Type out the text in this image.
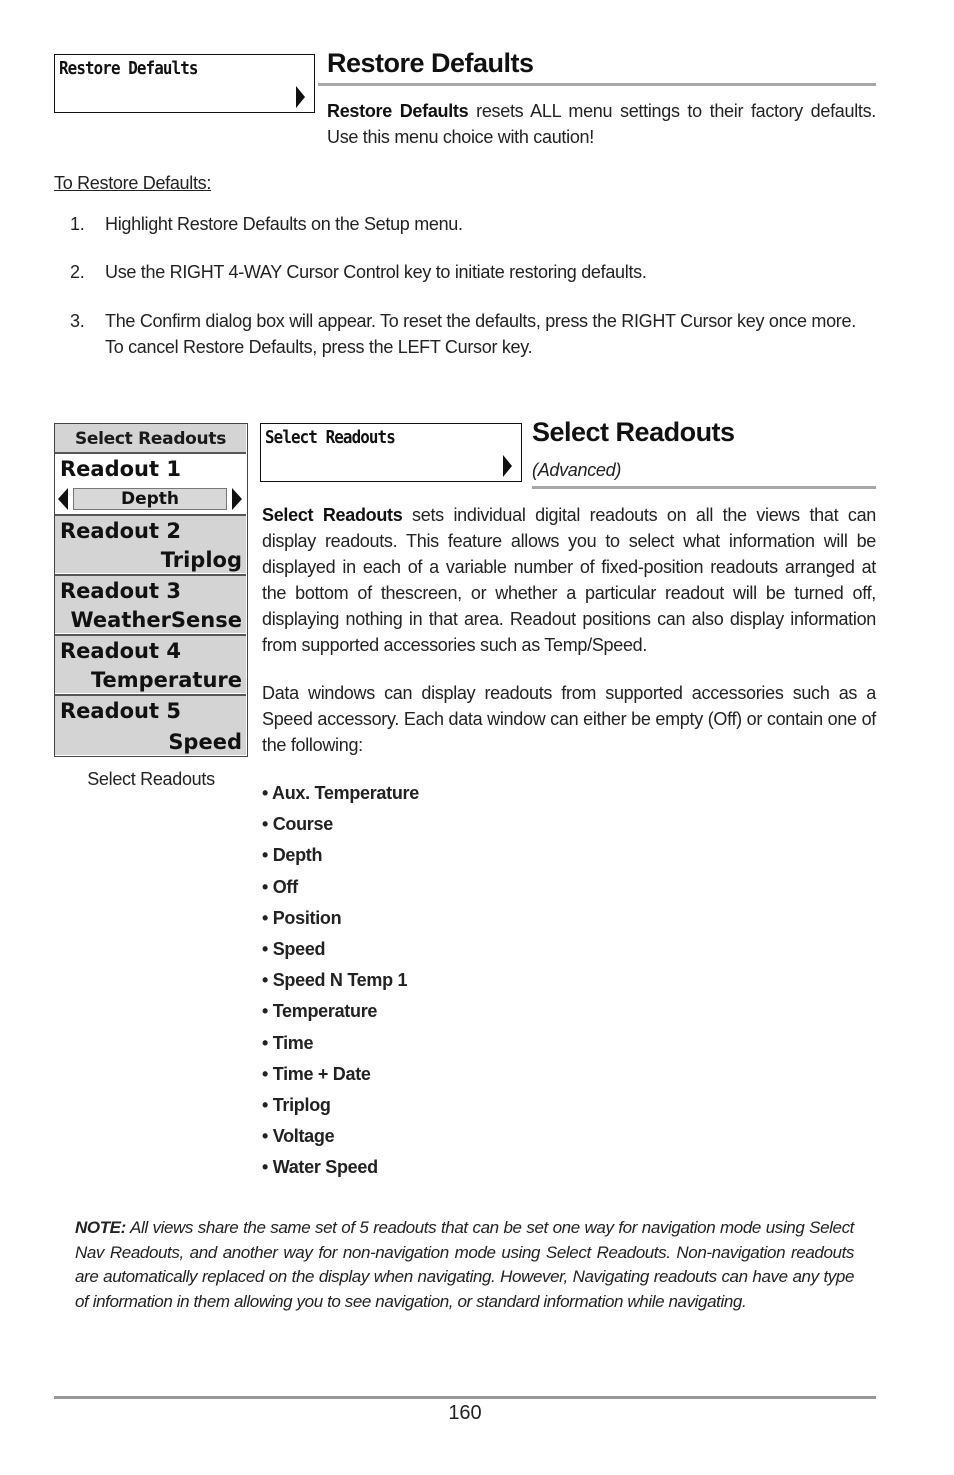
Restore Defaults	Restore Defaults
Restore Defaults resets ALL menu settings to their factory defaults.
Use this menu choice with caution!
To Restore Defaults:
1. Highlight Restore Defaults on the Setup menu.
2. Use the RIGHT 4-WAY Cursor Control key to initiate restoring defaults.
3. The Confirm dialog box will appear. To reset the defaults, press the RIGHT Cursor key once more.
To cancel Restore Defaults, press the LEFT Cursor key.
Select Readouts
Readout 1
Depth
Readout 2
Triplog
Readout 3
WeatherSense
Readout 4
Temperature
Readout 5
Speed
Select Readouts
Select Readouts	Select Readouts
(Advanced)
Select Readouts sets individual digital readouts on all the views that can
display readouts. This feature allows you to select what information will be
displayed in each of a variable number of fixed-position readouts arranged at
the bottom of thescreen, or whether a particular readout will be turned off,
displaying nothing in that area. Readout positions can also display information
from supported accessories such as Temp/Speed.
Data windows can display readouts from supported accessories such as a
Speed accessory. Each data window can either be empty (Off) or contain one of
the following:
• Aux. Temperature
• Course
• Depth
• Off
• Position
• Speed
• Speed N Temp 1
• Temperature
• Time
• Time + Date
• Triplog
• Voltage
• Water Speed
NOTE: All views share the same set of 5 readouts that can be set one way for navigation mode using Select Nav Readouts, and another way for non-navigation mode using Select Readouts. Non-navigation readouts are automatically replaced on the display when navigating. However, Navigating readouts can have any type of information in them allowing you to see navigation, or standard information while navigating.
160
